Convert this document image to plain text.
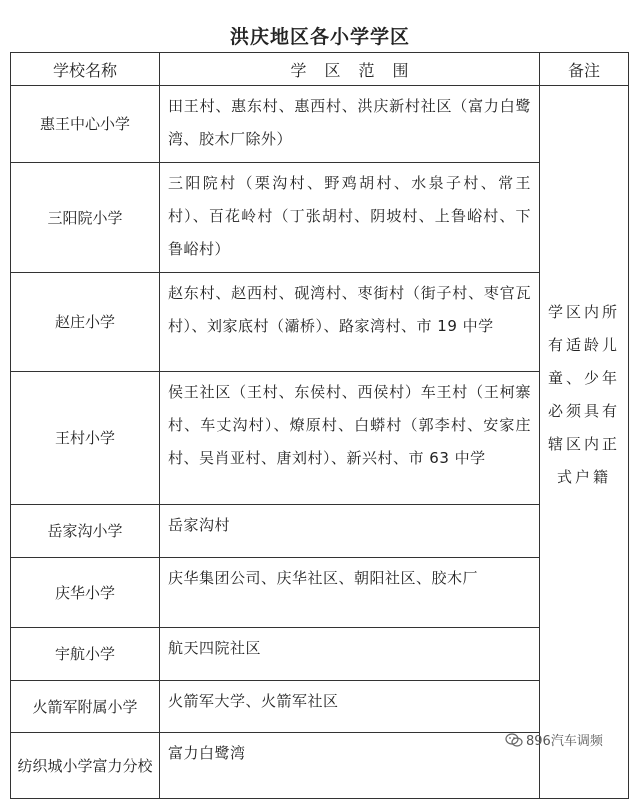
洪庆地区各小学学区
学校名称	学区范围	备注
惠王中心小学	田王村、惠东村、惠西村、洪庆新村社区（富力白鹭湾、胶木厂除外）	学区内所有适龄儿童、少年必须具有辖区内正式户籍
三阳院小学	三阳院村（栗沟村、野鸡胡村、水泉子村、常王村）、百花岭村（丁张胡村、阴坡村、上鲁峪村、下鲁峪村）	
赵庄小学	赵东村、赵西村、砚湾村、枣街村（街子村、枣官瓦村）、刘家底村（灞桥）、路家湾村、市 19 中学	
王村小学	侯王社区（王村、东侯村、西侯村）车王村（王柯寨村、车丈沟村）、燎原村、白蟒村（郭李村、安家庄村、吴肖亚村、唐刘村）、新兴村、市 63 中学	
岳家沟小学	岳家沟村	
庆华小学	庆华集团公司、庆华社区、朝阳社区、胶木厂	
宇航小学	航天四院社区	
火箭军附属小学	火箭军大学、火箭军社区	
纺织城小学富力分校	富力白鹭湾	
896汽车调频
